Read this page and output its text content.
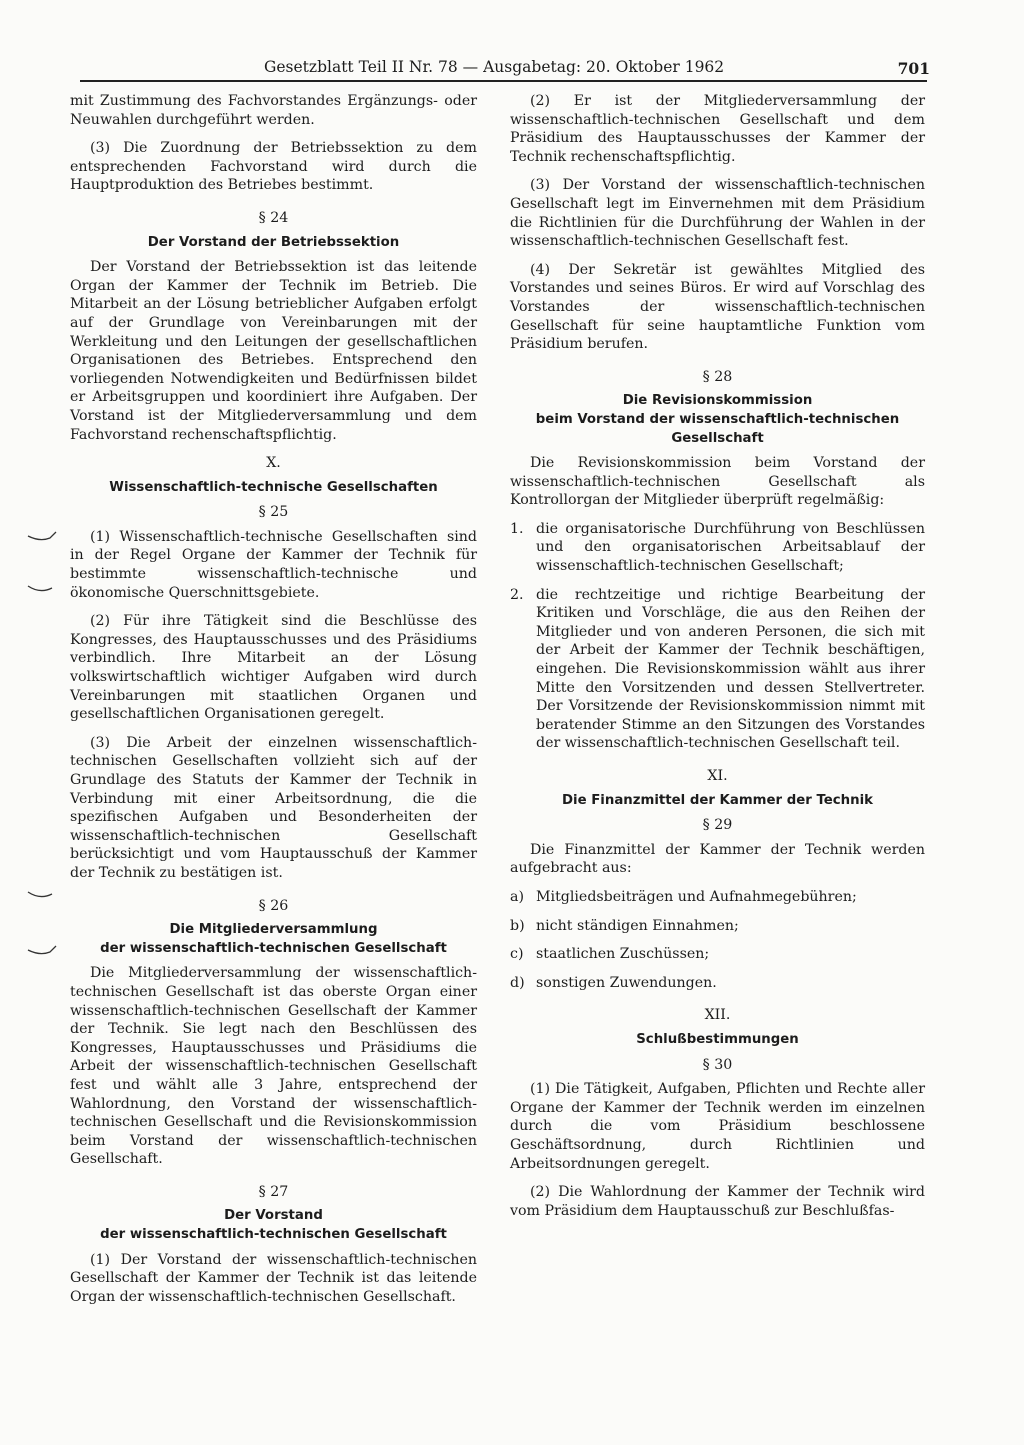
Gesetzblatt Teil II Nr. 78 — Ausgabetag: 20. Oktober 1962	701

mit Zustimmung des Fachvorstandes Ergänzungs- oder Neuwahlen durchgeführt werden.

(3) Die Zuordnung der Betriebssektion zu dem entsprechenden Fachvorstand wird durch die Hauptproduktion des Betriebes bestimmt.

§ 24
Der Vorstand der Betriebssektion

Der Vorstand der Betriebssektion ist das leitende Organ der Kammer der Technik im Betrieb. Die Mitarbeit an der Lösung betrieblicher Aufgaben erfolgt auf der Grundlage von Vereinbarungen mit der Werkleitung und den Leitungen der gesellschaftlichen Organisationen des Betriebes. Entsprechend den vorliegenden Notwendigkeiten und Bedürfnissen bildet er Arbeitsgruppen und koordiniert ihre Aufgaben. Der Vorstand ist der Mitgliederversammlung und dem Fachvorstand rechenschaftspflichtig.

X.
Wissenschaftlich-technische Gesellschaften
§ 25

(1) Wissenschaftlich-technische Gesellschaften sind in der Regel Organe der Kammer der Technik für bestimmte wissenschaftlich-technische und ökonomische Querschnittsgebiete.

(2) Für ihre Tätigkeit sind die Beschlüsse des Kongresses, des Hauptausschusses und des Präsidiums verbindlich. Ihre Mitarbeit an der Lösung volkswirtschaftlich wichtiger Aufgaben wird durch Vereinbarungen mit staatlichen Organen und gesellschaftlichen Organisationen geregelt.

(3) Die Arbeit der einzelnen wissenschaftlich-technischen Gesellschaften vollzieht sich auf der Grundlage des Statuts der Kammer der Technik in Verbindung mit einer Arbeitsordnung, die die spezifischen Aufgaben und Besonderheiten der wissenschaftlich-technischen Gesellschaft berücksichtigt und vom Hauptausschuß der Kammer der Technik zu bestätigen ist.

§ 26
Die Mitgliederversammlung
der wissenschaftlich-technischen Gesellschaft

Die Mitgliederversammlung der wissenschaftlich-technischen Gesellschaft ist das oberste Organ einer wissenschaftlich-technischen Gesellschaft der Kammer der Technik. Sie legt nach den Beschlüssen des Kongresses, Hauptausschusses und Präsidiums die Arbeit der wissenschaftlich-technischen Gesellschaft fest und wählt alle 3 Jahre, entsprechend der Wahlordnung, den Vorstand der wissenschaftlich-technischen Gesellschaft und die Revisionskommission beim Vorstand der wissenschaftlich-technischen Gesellschaft.

§ 27
Der Vorstand
der wissenschaftlich-technischen Gesellschaft

(1) Der Vorstand der wissenschaftlich-technischen Gesellschaft der Kammer der Technik ist das leitende Organ der wissenschaftlich-technischen Gesellschaft.

(2) Er ist der Mitgliederversammlung der wissenschaftlich-technischen Gesellschaft und dem Präsidium des Hauptausschusses der Kammer der Technik rechenschaftspflichtig.

(3) Der Vorstand der wissenschaftlich-technischen Gesellschaft legt im Einvernehmen mit dem Präsidium die Richtlinien für die Durchführung der Wahlen in der wissenschaftlich-technischen Gesellschaft fest.

(4) Der Sekretär ist gewähltes Mitglied des Vorstandes und seines Büros. Er wird auf Vorschlag des Vorstandes der wissenschaftlich-technischen Gesellschaft für seine hauptamtliche Funktion vom Präsidium berufen.

§ 28
Die Revisionskommission
beim Vorstand der wissenschaftlich-technischen
Gesellschaft

Die Revisionskommission beim Vorstand der wissenschaftlich-technischen Gesellschaft als Kontrollorgan der Mitglieder überprüft regelmäßig:

1. die organisatorische Durchführung von Beschlüssen und den organisatorischen Arbeitsablauf der wissenschaftlich-technischen Gesellschaft;
2. die rechtzeitige und richtige Bearbeitung der Kritiken und Vorschläge, die aus den Reihen der Mitglieder und von anderen Personen, die sich mit der Arbeit der Kammer der Technik beschäftigen, eingehen. Die Revisionskommission wählt aus ihrer Mitte den Vorsitzenden und dessen Stellvertreter. Der Vorsitzende der Revisionskommission nimmt mit beratender Stimme an den Sitzungen des Vorstandes der wissenschaftlich-technischen Gesellschaft teil.
XI.
Die Finanzmittel der Kammer der Technik
§ 29

Die Finanzmittel der Kammer der Technik werden aufgebracht aus:

a) Mitgliedsbeiträgen und Aufnahmegebühren;
b) nicht ständigen Einnahmen;
c) staatlichen Zuschüssen;
d) sonstigen Zuwendungen.
XII.
Schlußbestimmungen
§ 30

(1) Die Tätigkeit, Aufgaben, Pflichten und Rechte aller Organe der Kammer der Technik werden im einzelnen durch die vom Präsidium beschlossene Geschäftsordnung, durch Richtlinien und Arbeitsordnungen geregelt.

(2) Die Wahlordnung der Kammer der Technik wird vom Präsidium dem Hauptausschuß zur Beschlußfas-
